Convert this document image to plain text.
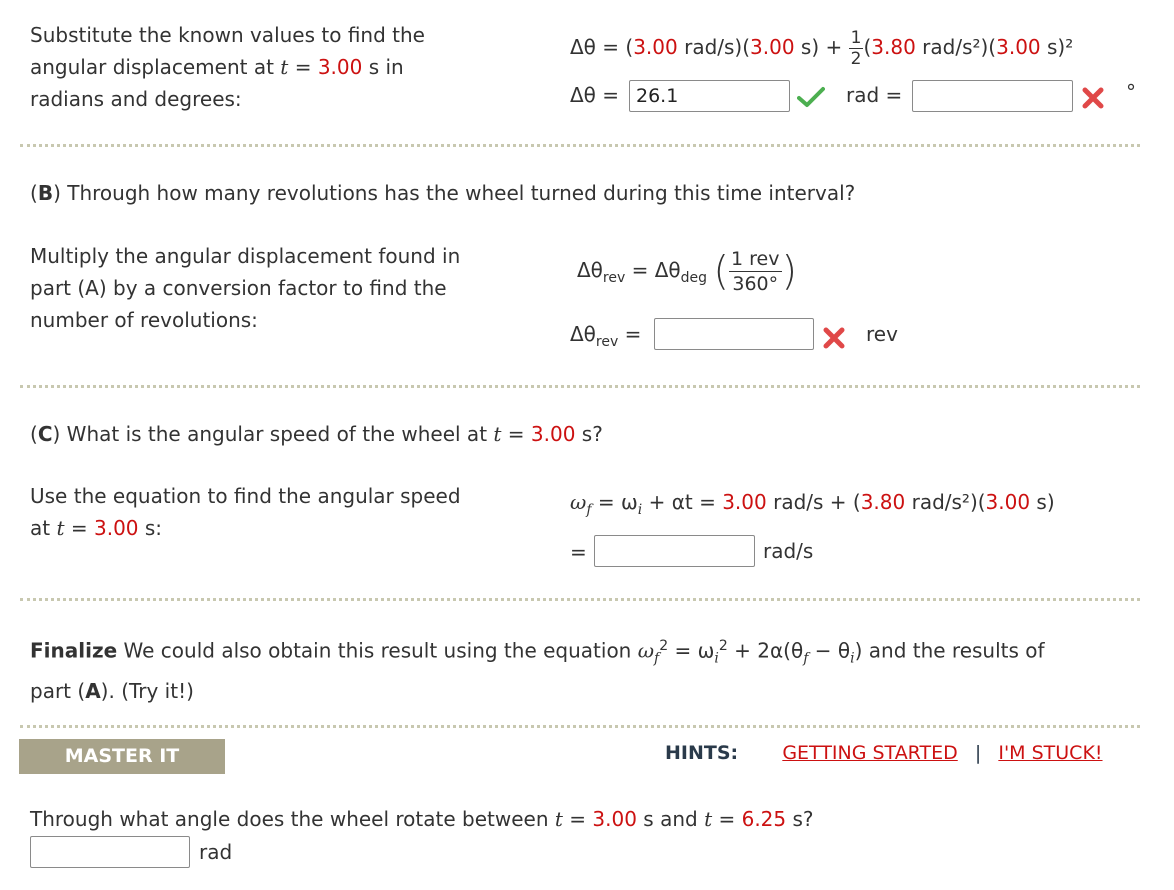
Substitute the known values to find the
angular displacement at t = 3.00 s in
radians and degrees:
Δθ = (3.00 rad/s)(3.00 $s) + \frac{1}{2} (3.80$ rad/s²)(3.00 s)²
Δθ =
26.1	rad =	°
(B) Through how many revolutions has the wheel turned during this time interval?
Multiply the angular displacement found in
part (A) by a conversion factor to find the
number of revolutions:
$\Delta\theta_{rev} = \Delta\theta_{deg}$ ( $\frac{\text{1 rev}}{360^\circ}$ )
$\Delta\theta_{rev}$ =	rev
(C) What is the angular speed of the wheel at t = 3.00 s?
Use the equation to find the angular speed
at t = 3.00 s:
$\omega_f = \omega_i + \alpha t = 3.00$ rad/s + (3.80 rad/s²)(3.00 s)
=	rad/s
Finalize We could also obtain this result using the equation $\omega_f^2 = \omega_i^2 + 2\alpha(\theta_f - \theta_i)$ and the results of
part (A). (Try it!)
MASTER IT	HINTS: GETTING STARTED | I'M STUCK!
Through what angle does the wheel rotate between t = 3.00 s and t = 6.25 s?
rad
